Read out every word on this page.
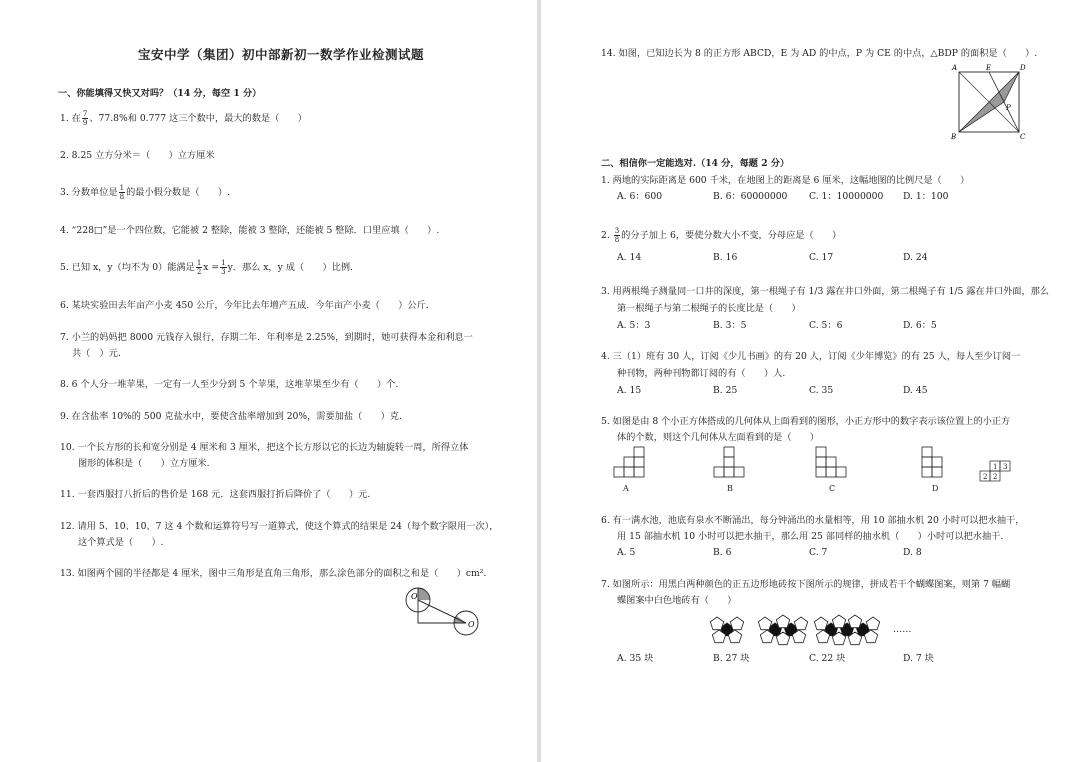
宝安中学（集团）初中部新初一数学作业检测试题
一、你能填得又快又对吗？（14 分，每空 1 分）
1. 在 $\frac{7}{9}$ 、77.8%和 0.777 这三个数中，最大的数是（　　）
2. 8.25 立方分米＝（　　）立方厘米
3. 分数单位是 $\frac{1}{8}$ 的最小假分数是（　　）.
4. “228□”是一个四位数，它能被 2 整除，能被 3 整除，还能被 5 整除．口里应填（　　）.
5. 已知 x，y（均不为 0）能满足 $\frac{1}{2}$ $x = \frac{1}{3}$ y．那么 x，y 成（　　）比例.
6. 某块实验田去年亩产小麦 450 公斤，今年比去年增产五成．今年亩产小麦（　　）公斤.
7. 小兰的妈妈把 8000 元钱存入银行，存期二年．年利率是 2.25%，到期时，她可获得本金和利息一
共（　）元.
8. 6 个人分一堆苹果，一定有一人至少分到 5 个苹果，这堆苹果至少有（　　）个.
9. 在含盐率 10%的 500 克盐水中，要使含盐率增加到 20%，需要加盐（　　）克.
10. 一个长方形的长和宽分别是 4 厘米和 3 厘米，把这个长方形以它的长边为轴旋转一周，所得立体
图形的体积是（　　）立方厘米.
11. 一套西服打八折后的售价是 168 元．这套西服打折后降价了（　　）元.
12. 请用 5、10、10、7 这 4 个数和运算符号写一道算式，使这个算式的结果是 24（每个数字限用一次），
这个算式是（　　）.
13. 如图两个圆的半径都是 4 厘米，图中三角形是直角三角形，那么涂色部分的面积之和是（　　）cm².
O
O
14. 如图，已知边长为 8 的正方形 ABCD，E 为 AD 的中点，P 为 CE 的中点，△BDP 的面积是（　　）.
A	E	D
B	C
P
二、相信你一定能选对.（14 分，每题 2 分）
1. 两地的实际距离是 600 千米，在地图上的距离是 6 厘米，这幅地图的比例尺是（　　）
A. 6：600	B. 6：60000000 C. 1：10000000 D. 1：100
2. $\frac{3}{8}$ 的分子加上 6，要使分数大小不变，分母应是（　　）
A. 14	B. 16	C. 17	D. 24
3. 用两根绳子测量同一口井的深度，第一根绳子有 1/3 露在井口外面，第二根绳子有 1/5 露在井口外面，那么
第一根绳子与第二根绳子的长度比是（　　）
A. 5：3	B. 3：5	C. 5：6	D. 6：5
4. 三（1）班有 30 人，订阅《少儿书画》的有 20 人，订阅《少年博览》的有 25 人，每人至少订阅一
种刊物，两种刊物都订阅的有（　　）人.
A. 15	B. 25	C. 35	D. 45
5. 如图是由 8 个小正方体搭成的几何体从上面看到的图形，小正方形中的数字表示该位置上的小正方
体的个数，则这个几何体从左面看到的是（　　）
A	B	C	D
1 3
2 2
6. 有一满水池，池底有泉水不断涌出，每分钟涌出的水量相等，用 10 部抽水机 20 小时可以把水抽干，
用 15 部抽水机 10 小时可以把水抽干，那么用 25 部同样的抽水机（　　）小时可以把水抽干.
A. 5	B. 6	C. 7	D. 8
7. 如图所示：用黑白两种颜色的正五边形地砖按下图所示的规律，拼成若干个蝴蝶图案，则第 7 幅蝴
蝶图案中白色地砖有（　　）
……
A. 35 块	B. 27 块	C. 22 块	D. 7 块
